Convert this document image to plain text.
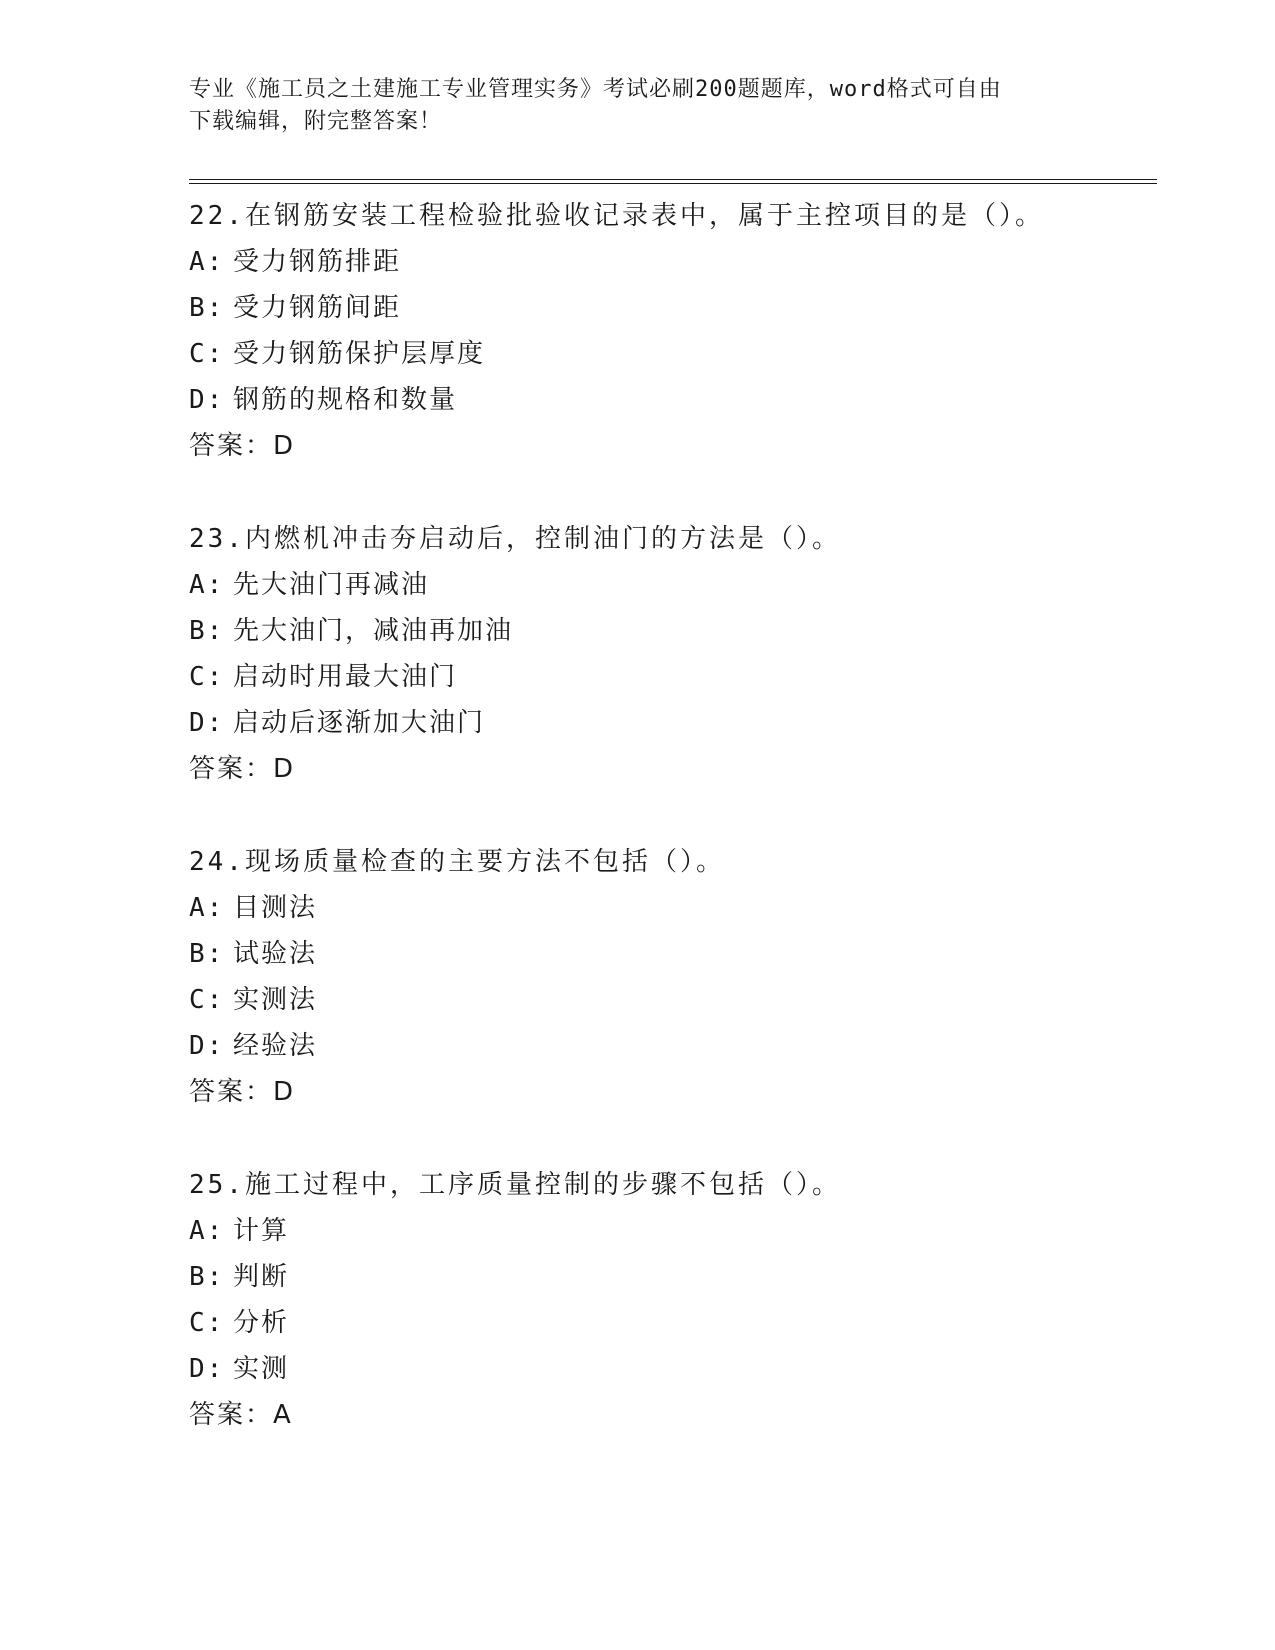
专业《施工员之土建施工专业管理实务》考试必刷200题题库，word格式可自由
下载编辑，附完整答案！
22.在钢筋安装工程检验批验收记录表中，属于主控项目的是（）。
A: 受力钢筋排距
B: 受力钢筋间距
C: 受力钢筋保护层厚度
D: 钢筋的规格和数量
答案：D
23.内燃机冲击夯启动后，控制油门的方法是（）。
A: 先大油门再减油
B: 先大油门，减油再加油
C: 启动时用最大油门
D: 启动后逐渐加大油门
答案：D
24.现场质量检查的主要方法不包括（）。
A: 目测法
B: 试验法
C: 实测法
D: 经验法
答案：D
25.施工过程中，工序质量控制的步骤不包括（）。
A: 计算
B: 判断
C: 分析
D: 实测
答案：A
